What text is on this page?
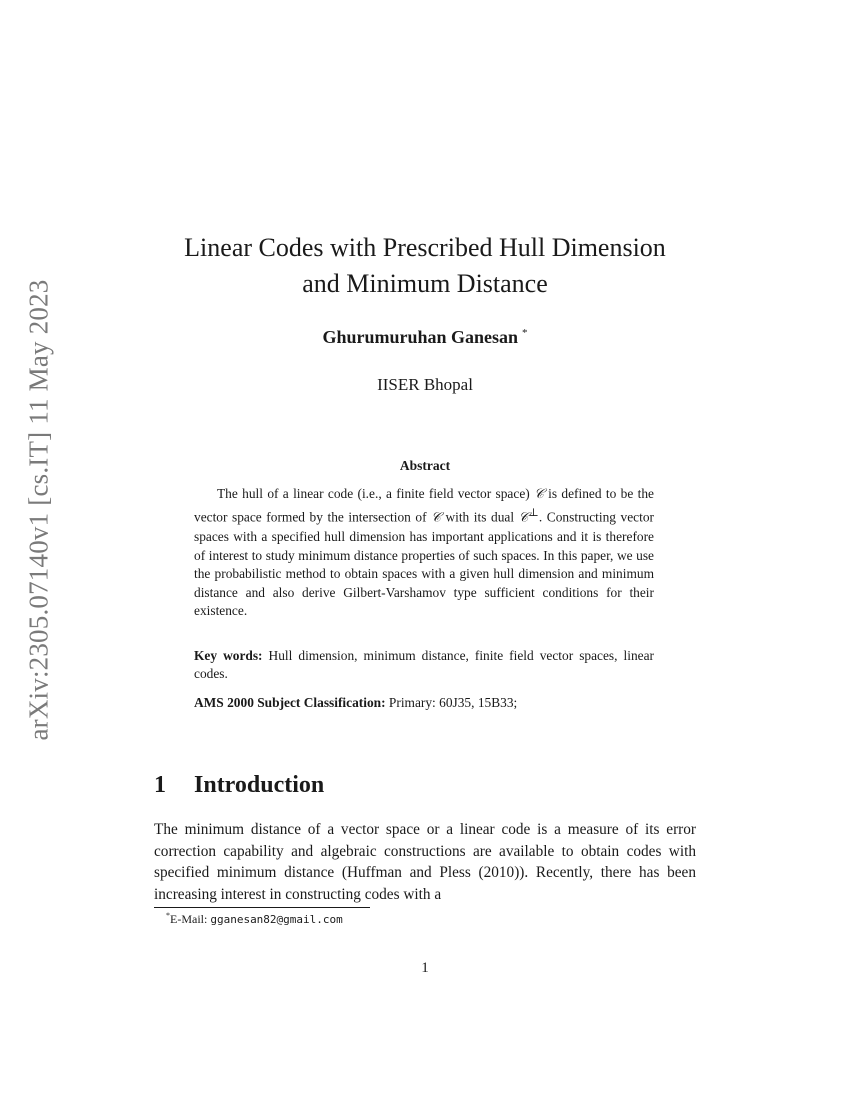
arXiv:2305.07140v1 [cs.IT] 11 May 2023
Linear Codes with Prescribed Hull Dimension
and Minimum Distance
Ghurumuruhan Ganesan *
IISER Bhopal
Abstract

The hull of a linear code (i.e., a finite field vector space) 𝒞 is defined to be the vector space formed by the intersection of 𝒞 with its dual 𝒞⊥. Constructing vector spaces with a specified hull dimension has important applications and it is therefore of interest to study minimum distance properties of such spaces. In this paper, we use the probabilistic method to obtain spaces with a given hull dimension and minimum distance and also derive Gilbert-Varshamov type sufficient conditions for their existence.

Key words: Hull dimension, minimum distance, finite field vector spaces, linear codes.

AMS 2000 Subject Classification: Primary: 60J35, 15B33;

1 Introduction

The minimum distance of a vector space or a linear code is a measure of its error correction capability and algebraic constructions are available to obtain codes with specified minimum distance (Huffman and Pless (2010)). Recently, there has been increasing interest in constructing codes with a

*E-Mail: gganesan82@gmail.com
1
